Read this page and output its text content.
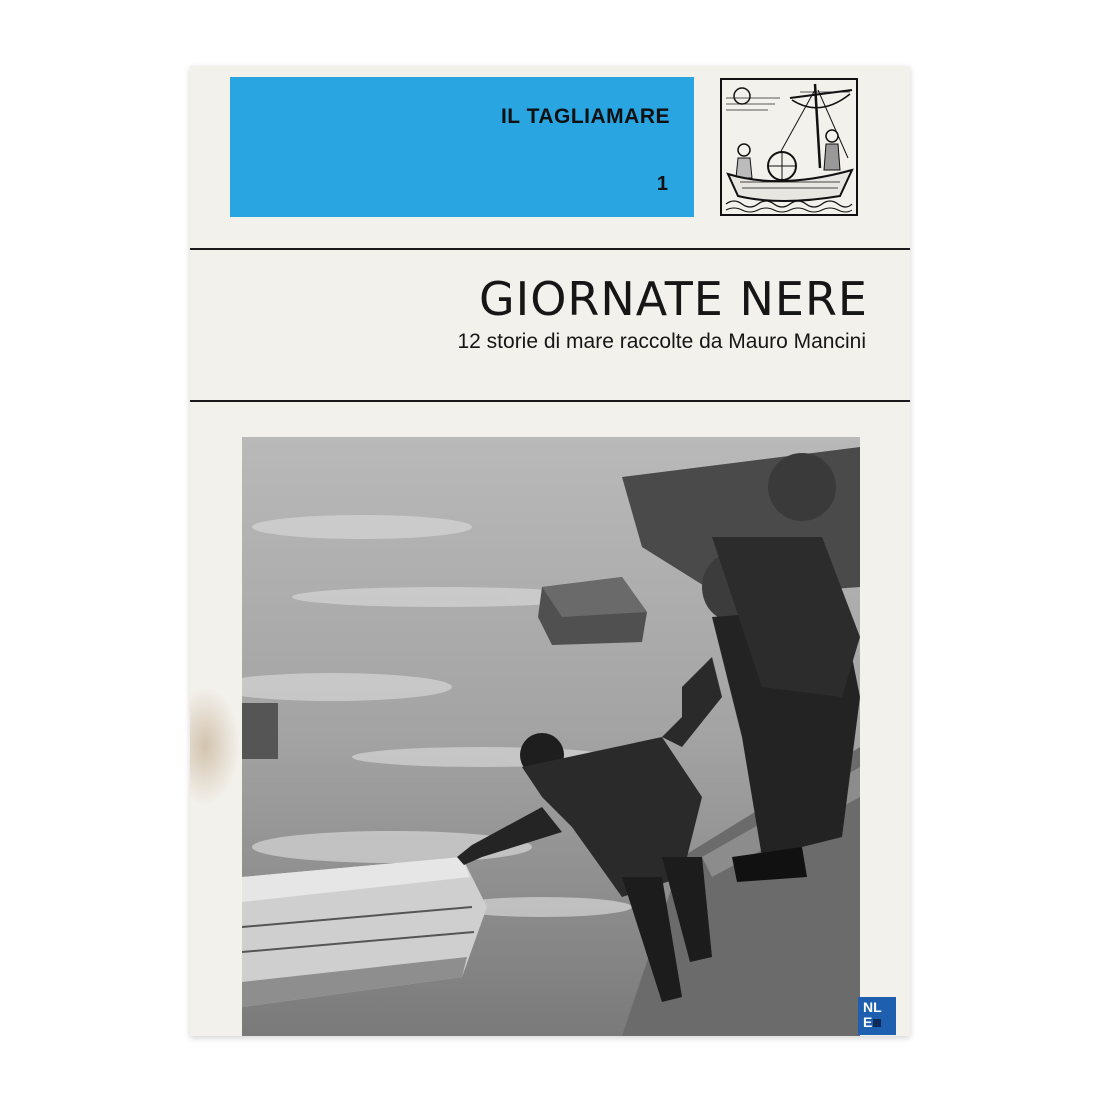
IL TAGLIAMARE
1
GIORNATE NERE
12 storie di mare raccolte da Mauro Mancini
NL
E
